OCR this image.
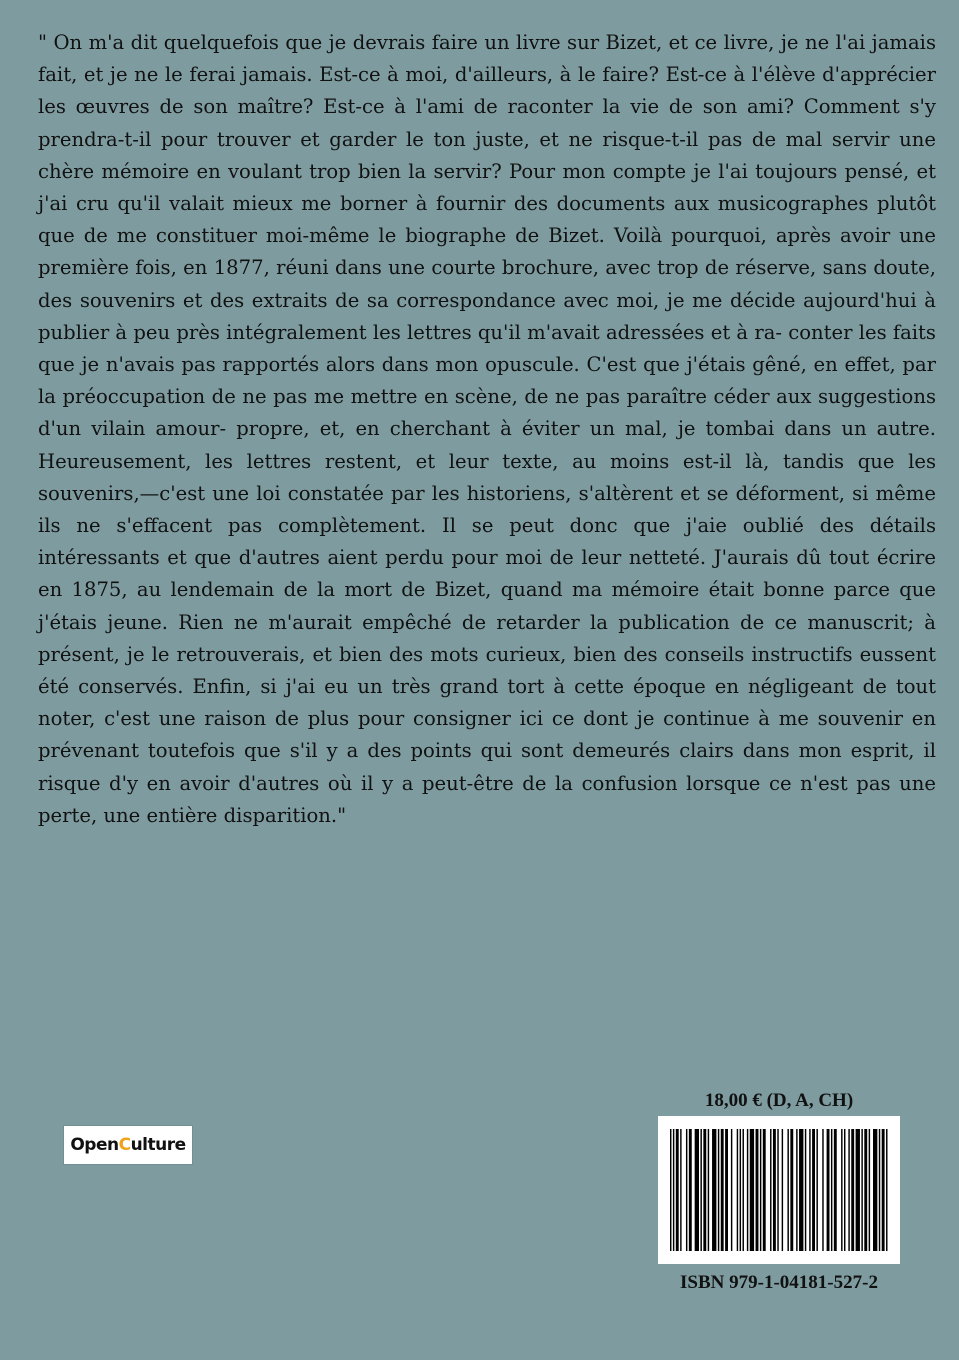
" On m'a dit quelquefois que je devrais faire un livre sur Bizet, et ce livre, je ne l'ai jamais fait, et je ne le ferai jamais. Est-ce à moi, d'ailleurs, à le faire? Est-ce à l'élève d'apprécier les œuvres de son maître? Est-ce à l'ami de raconter la vie de son ami? Comment s'y prendra-t-il pour trouver et garder le ton juste, et ne risque-t-il pas de mal servir une chère mémoire en voulant trop bien la servir? Pour mon compte je l'ai toujours pensé, et j'ai cru qu'il valait mieux me borner à fournir des documents aux musicographes plutôt que de me constituer moi-même le biographe de Bizet. Voilà pourquoi, après avoir une première fois, en 1877, réuni dans une courte brochure, avec trop de réserve, sans doute, des souvenirs et des extraits de sa correspondance avec moi, je me décide aujourd'hui à publier à peu près intégralement les lettres qu'il m'avait adressées et à ra- conter les faits que je n'avais pas rapportés alors dans mon opuscule. C'est que j'étais gêné, en effet, par la préoccupation de ne pas me mettre en scène, de ne pas paraître céder aux suggestions d'un vilain amour- propre, et, en cherchant à éviter un mal, je tombai dans un autre. Heureusement, les lettres restent, et leur texte, au moins est-il là, tandis que les souvenirs,—c'est une loi constatée par les historiens, s'altèrent et se déforment, si même ils ne s'effacent pas complètement. Il se peut donc que j'aie oublié des détails intéressants et que d'autres aient perdu pour moi de leur netteté. J'aurais dû tout écrire en 1875, au lendemain de la mort de Bizet, quand ma mémoire était bonne parce que j'étais jeune. Rien ne m'aurait empêché de retarder la publication de ce manuscrit; à présent, je le retrouverais, et bien des mots curieux, bien des conseils instructifs eussent été conservés. Enfin, si j'ai eu un très grand tort à cette époque en négligeant de tout noter, c'est une raison de plus pour consigner ici ce dont je continue à me souvenir en prévenant toutefois que s'il y a des points qui sont demeurés clairs dans mon esprit, il risque d'y en avoir d'autres où il y a peut-être de la confusion lorsque ce n'est pas une perte, une entière disparition."

Open C ulture
18,00 € (D, A, CH)
ISBN 979-1-04181-527-2
